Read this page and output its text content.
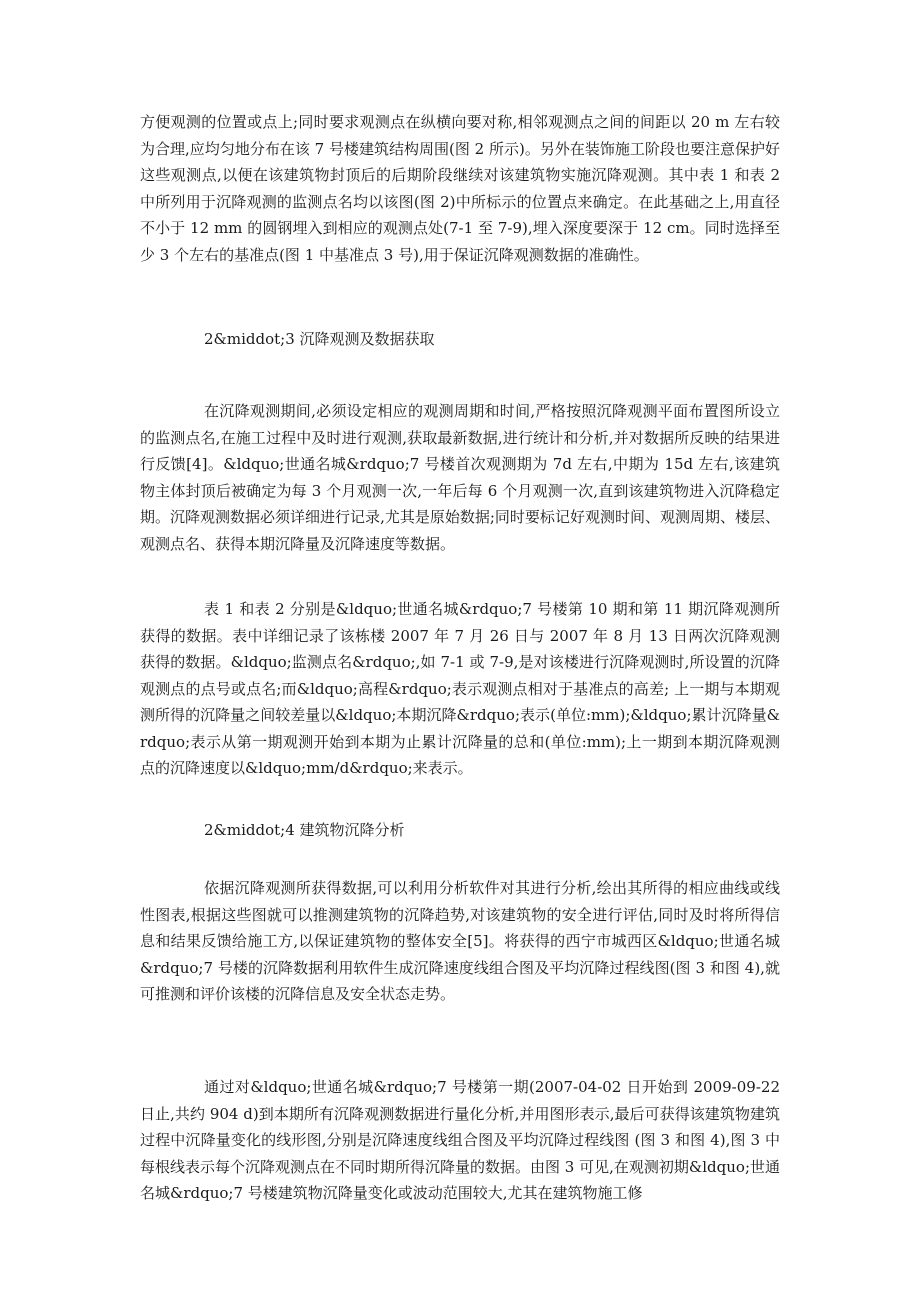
方便观测的位置或点上;同时要求观测点在纵横向要对称,相邻观测点之间的间距以 20 m 左右较为合理,应均匀地分布在该 7 号楼建筑结构周围(图 2 所示)。另外在装饰施工阶段也要注意保护好这些观测点,以便在该建筑物封顶后的后期阶段继续对该建筑物实施沉降观测。其中表 1 和表 2 中所列用于沉降观测的监测点名均以该图(图 2)中所标示的位置点来确定。在此基础之上,用直径不小于 12 mm 的圆钢埋入到相应的观测点处(7-1 至 7-9),埋入深度要深于 12 cm。同时选择至少 3 个左右的基准点(图 1 中基准点 3 号),用于保证沉降观测数据的准确性。

2&middot;3 沉降观测及数据获取

在沉降观测期间,必须设定相应的观测周期和时间,严格按照沉降观测平面布置图所设立的监测点名,在施工过程中及时进行观测,获取最新数据,进行统计和分析,并对数据所反映的结果进行反馈[4]。&ldquo;世通名城&rdquo;7 号楼首次观测期为 7d 左右,中期为 15d 左右,该建筑物主体封顶后被确定为每 3 个月观测一次,一年后每 6 个月观测一次,直到该建筑物进入沉降稳定期。沉降观测数据必须详细进行记录,尤其是原始数据;同时要标记好观测时间、观测周期、楼层、观测点名、获得本期沉降量及沉降速度等数据。

表 1 和表 2 分别是&ldquo;世通名城&rdquo;7 号楼第 10 期和第 11 期沉降观测所获得的数据。表中详细记录了该栋楼 2007 年 7 月 26 日与 2007 年 8 月 13 日两次沉降观测获得的数据。&ldquo;监测点名&rdquo;,如 7-1 或 7-9,是对该楼进行沉降观测时,所设置的沉降观测点的点号或点名;而&ldquo;高程&rdquo;表示观测点相对于基准点的高差; 上一期与本期观测所得的沉降量之间较差量以&ldquo;本期沉降&rdquo;表示(单位:mm);&ldquo;累计沉降量&rdquo;表示从第一期观测开始到本期为止累计沉降量的总和(单位:mm);上一期到本期沉降观测点的沉降速度以&ldquo;mm/d&rdquo;来表示。

2&middot;4 建筑物沉降分析

依据沉降观测所获得数据,可以利用分析软件对其进行分析,绘出其所得的相应曲线或线性图表,根据这些图就可以推测建筑物的沉降趋势,对该建筑物的安全进行评估,同时及时将所得信息和结果反馈给施工方,以保证建筑物的整体安全[5]。将获得的西宁市城西区&ldquo;世通名城&rdquo;7 号楼的沉降数据利用软件生成沉降速度线组合图及平均沉降过程线图(图 3 和图 4),就可推测和评价该楼的沉降信息及安全状态走势。

通过对&ldquo;世通名城&rdquo;7 号楼第一期(2007-04-02 日开始到 2009-09-22 日止,共约 904 d)到本期所有沉降观测数据进行量化分析,并用图形表示,最后可获得该建筑物建筑过程中沉降量变化的线形图,分别是沉降速度线组合图及平均沉降过程线图 (图 3 和图 4),图 3 中每根线表示每个沉降观测点在不同时期所得沉降量的数据。由图 3 可见,在观测初期&ldquo;世通名城&rdquo;7 号楼建筑物沉降量变化或波动范围较大,尤其在建筑物施工修
